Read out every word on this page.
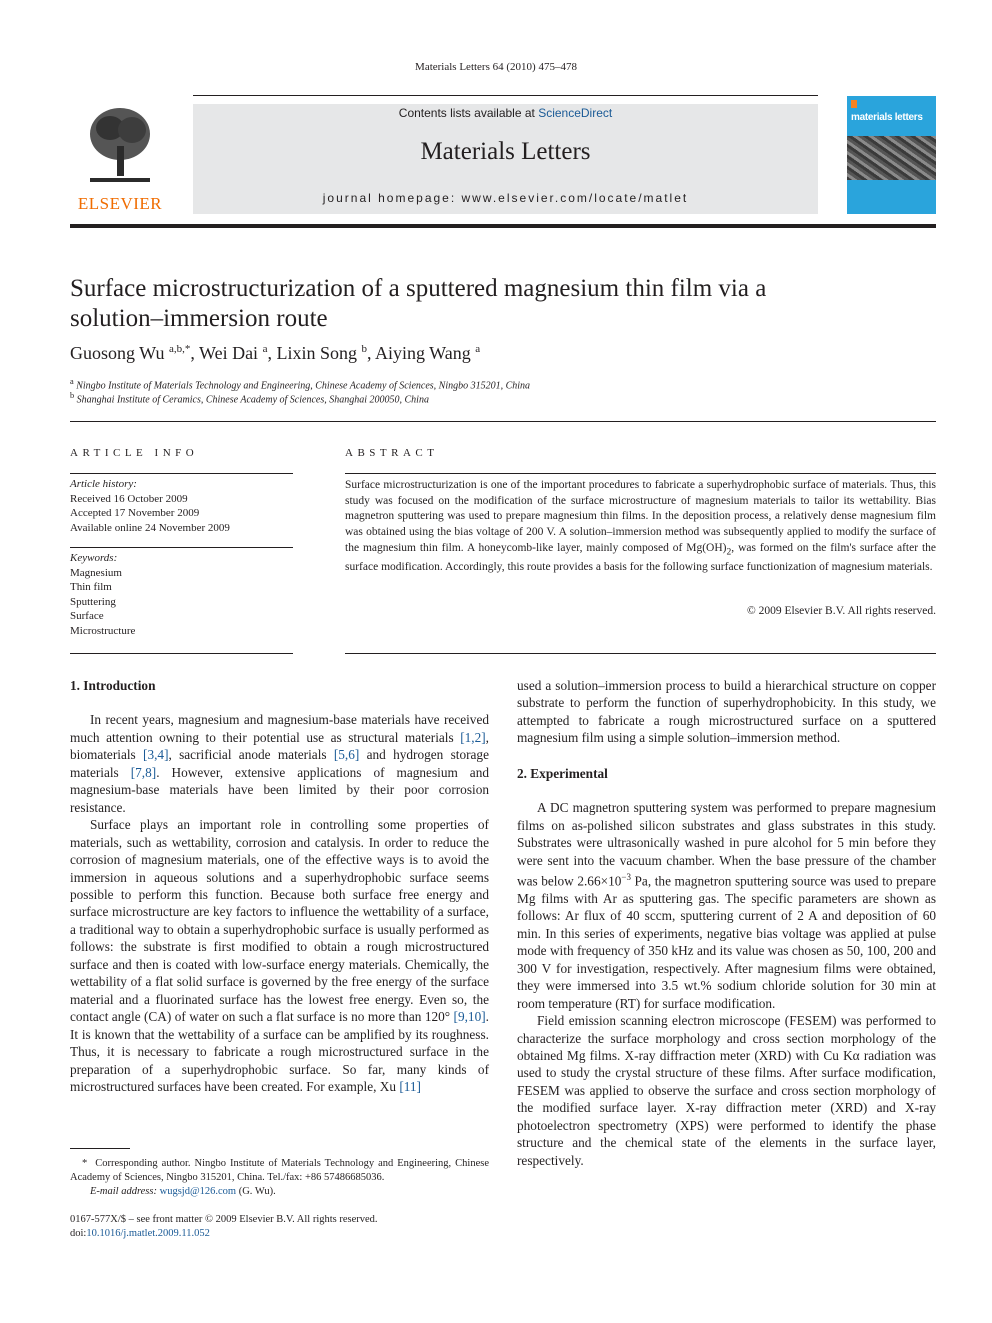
Materials Letters 64 (2010) 475–478
ELSEVIER
Contents lists available at ScienceDirect
Materials Letters
journal homepage: www.elsevier.com/locate/matlet
materials letters
Surface microstructurization of a sputtered magnesium thin film via a
solution–immersion route
Guosong Wu $^{a,b,*}$, Wei Dai $^a$, Lixin Song $^b$, Aiying Wang $^a$
$^a$ Ningbo Institute of Materials Technology and Engineering, Chinese Academy of Sciences, Ningbo 315201, China
$^b$ Shanghai Institute of Ceramics, Chinese Academy of Sciences, Shanghai 200050, China
ARTICLE INFO
Article history:
Received 16 October 2009
Accepted 17 November 2009
Available online 24 November 2009
Keywords:
Magnesium
Thin film
Sputtering
Surface
Microstructure
ABSTRACT
Surface microstructurization is one of the important procedures to fabricate a superhydrophobic surface of materials. Thus, this study was focused on the modification of the surface microstructure of magnesium materials to tailor its wettability. Bias magnetron sputtering was used to prepare magnesium thin films. In the deposition process, a relatively dense magnesium film was obtained using the bias voltage of 200 V. A solution–immersion method was subsequently applied to modify the surface of the magnesium thin film. A honeycomb-like layer, mainly composed of $Mg(OH)_2$, was formed on the film's surface after the surface modification. Accordingly, this route provides a basis for the following surface functionization of magnesium materials.
© 2009 Elsevier B.V. All rights reserved.
1. Introduction

In recent years, magnesium and magnesium-base materials have received much attention owning to their potential use as structural materials [1,2], biomaterials [3,4], sacrificial anode materials [5,6] and hydrogen storage materials [7,8]. However, extensive applications of magnesium and magnesium-base materials have been limited by their poor corrosion resistance.

Surface plays an important role in controlling some properties of materials, such as wettability, corrosion and catalysis. In order to reduce the corrosion of magnesium materials, one of the effective ways is to avoid the immersion in aqueous solutions and a superhydrophobic surface seems possible to perform this function. Because both surface free energy and surface microstructure are key factors to influence the wettability of a surface, a traditional way to obtain a superhydrophobic surface is usually performed as follows: the substrate is first modified to obtain a rough microstructured surface and then is coated with low-surface energy materials. Chemically, the wettability of a flat solid surface is governed by the free energy of the surface material and a fluorinated surface has the lowest free energy. Even so, the contact angle (CA) of water on such a flat surface is no more than 120° [9,10]. It is known that the wettability of a surface can be amplified by its roughness. Thus, it is necessary to fabricate a rough microstructured surface in the preparation of a superhydrophobic surface. So far, many kinds of microstructured surfaces have been created. For example, Xu [11]

* Corresponding author. Ningbo Institute of Materials Technology and Engineering, Chinese Academy of Sciences, Ningbo 315201, China. Tel./fax: +86 57486685036.
E-mail address: wugsjd@126.com (G. Wu).
0167-577X/$ – see front matter © 2009 Elsevier B.V. All rights reserved.
doi:10.1016/j.matlet.2009.11.052

used a solution–immersion process to build a hierarchical structure on copper substrate to perform the function of superhydrophobicity. In this study, we attempted to fabricate a rough microstructured surface on a sputtered magnesium film using a simple solution–immersion method.

2. Experimental

A DC magnetron sputtering system was performed to prepare magnesium films on as-polished silicon substrates and glass substrates in this study. Substrates were ultrasonically washed in pure alcohol for 5 min before they were sent into the vacuum chamber. When the base pressure of the chamber was below $2.66\times 10^{-3}$ Pa, the magnetron sputtering source was used to prepare Mg films with Ar as sputtering gas. The specific parameters are shown as follows: Ar flux of 40 sccm, sputtering current of 2 A and deposition of 60 min. In this series of experiments, negative bias voltage was applied at pulse mode with frequency of 350 kHz and its value was chosen as 50, 100, 200 and 300 V for investigation, respectively. After magnesium films were obtained, they were immersed into 3.5 wt.% sodium chloride solution for 30 min at room temperature (RT) for surface modification.

Field emission scanning electron microscope (FESEM) was performed to characterize the surface morphology and cross section morphology of the obtained Mg films. X-ray diffraction meter (XRD) with Cu Kα radiation was used to study the crystal structure of these films. After surface modification, FESEM was applied to observe the surface and cross section morphology of the modified surface layer. X-ray diffraction meter (XRD) and X-ray photoelectron spectrometry (XPS) were performed to identify the phase structure and the chemical state of the elements in the surface layer, respectively.
